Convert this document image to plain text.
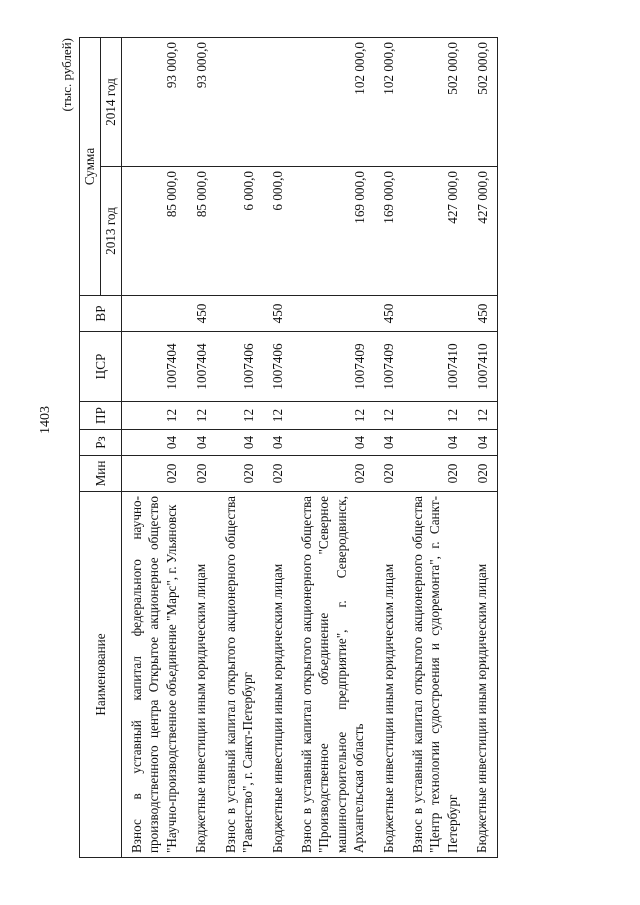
1403
(тыс. рублей)
Наименование	Мин	Рз	ПР	ЦСР	ВР	Сумма	
						2013 год	2014 год
Взнос в уставный капитал федерального научно-производственного центра Открытое акционерное общество "Научно-производственное объединение "Марс", г. Ульяновск	020	04	12	1007404		85 000,0	93 000,0
Бюджетные инвестиции иным юридическим лицам	020	04	12	1007404	450	85 000,0	93 000,0
Взнос в уставный капитал открытого акционерного общества "Равенство", г. Санкт-Петербург	020	04	12	1007406		6 000,0	
Бюджетные инвестиции иным юридическим лицам	020	04	12	1007406	450	6 000,0	
Взнос в уставный капитал открытого акционерного общества "Производственное объединение "Северное машиностроительное предприятие", г. Северодвинск, Архангельская область	020	04	12	1007409		169 000,0	102 000,0
Бюджетные инвестиции иным юридическим лицам	020	04	12	1007409	450	169 000,0	102 000,0
Взнос в уставный капитал открытого акционерного общества "Центр технологии судостроения и судоремонта", г. Санкт-Петербург	020	04	12	1007410		427 000,0	502 000,0
Бюджетные инвестиции иным юридическим лицам	020	04	12	1007410	450	427 000,0	502 000,0
